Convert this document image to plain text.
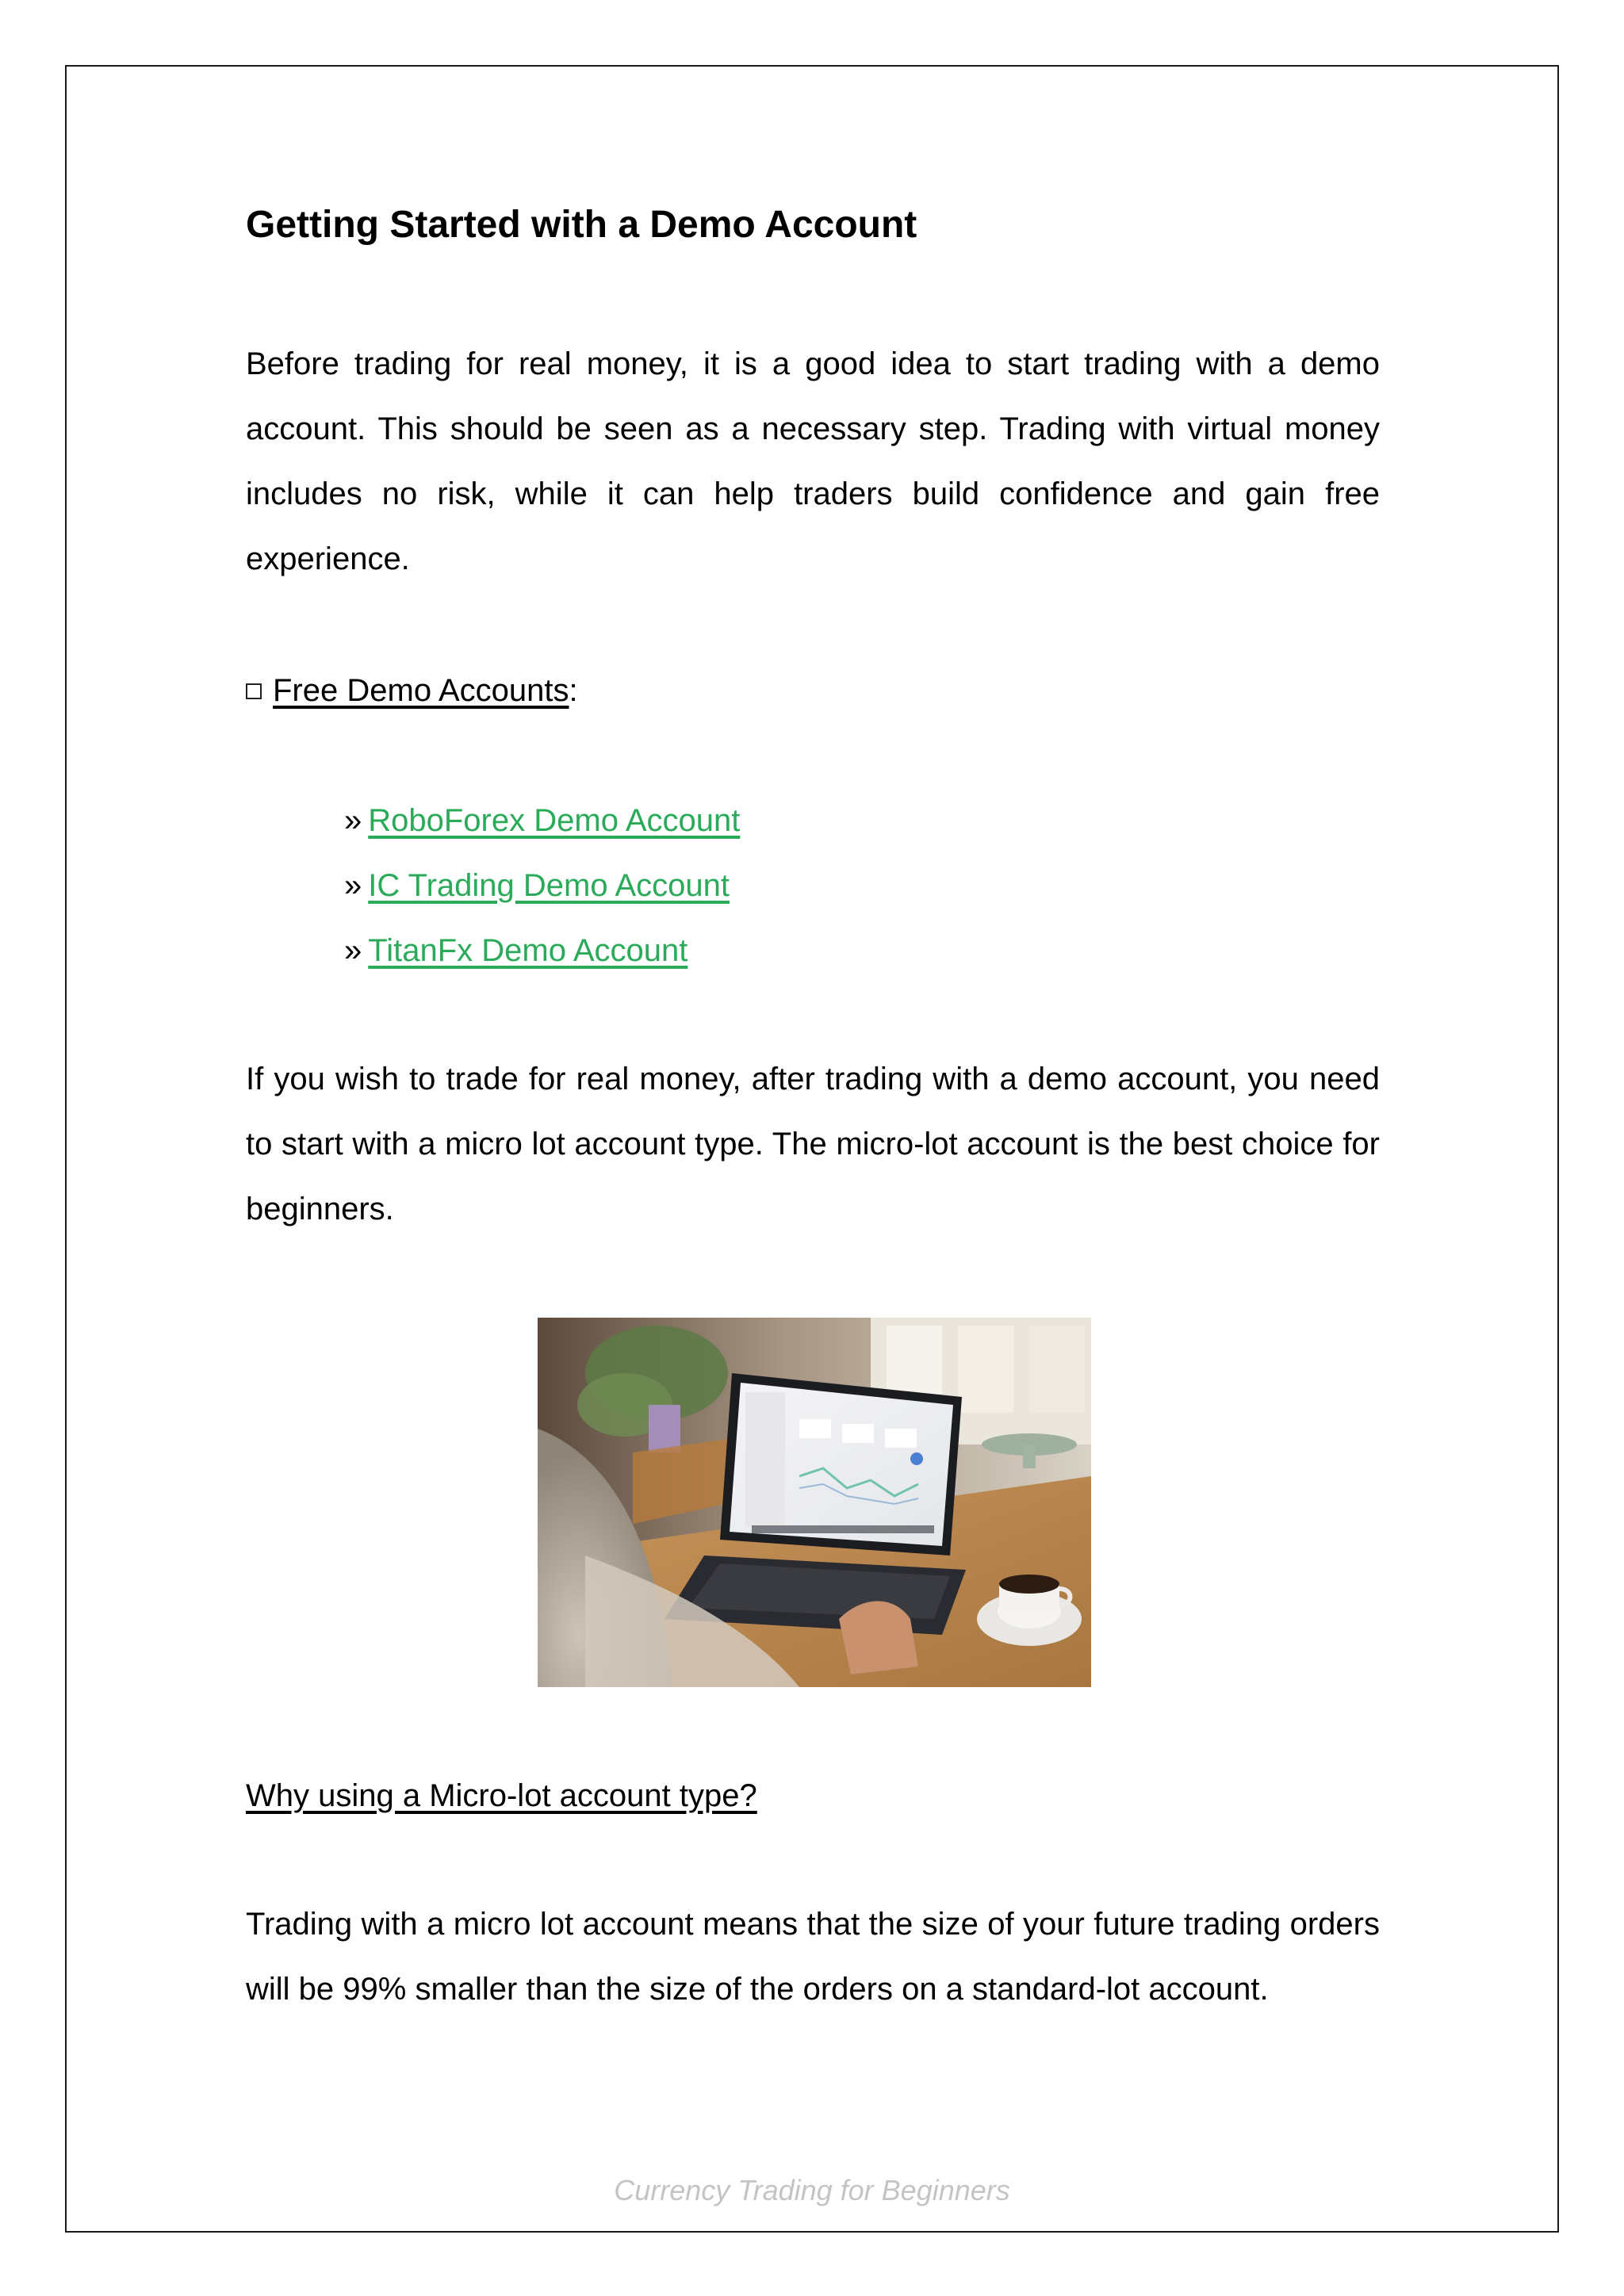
Getting Started with a Demo Account

Before trading for real money, it is a good idea to start trading with a demo account. This should be seen as a necessary step. Trading with virtual money includes no risk, while it can help traders build confidence and gain free experience.

Free Demo Accounts:
» RoboForex Demo Account
» IC Trading Demo Account
» TitanFx Demo Account

If you wish to trade for real money, after trading with a demo account, you need to start with a micro lot account type. The micro-lot account is the best choice for beginners.

Why using a Micro-lot account type?

Trading with a micro lot account means that the size of your future trading orders will be 99% smaller than the size of the orders on a standard-lot account.

Currency Trading for Beginners
